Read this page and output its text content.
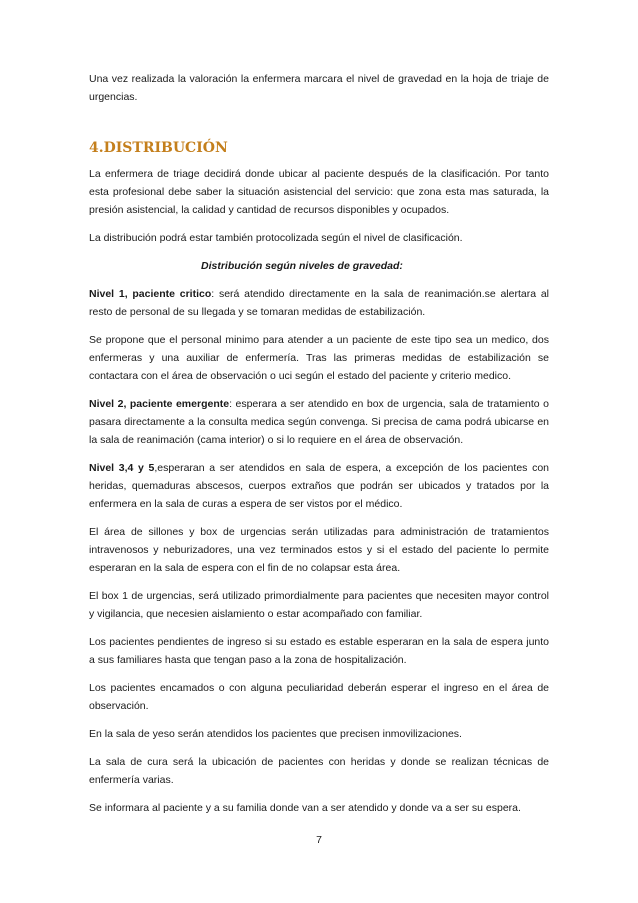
Una vez realizada la valoración la enfermera marcara el nivel de gravedad en la hoja de triaje de urgencias.

4.DISTRIBUCIÓN

La enfermera de triage decidirá donde ubicar al paciente después de la clasificación. Por tanto esta profesional debe saber la situación asistencial del servicio: que zona esta mas saturada, la presión asistencial, la calidad y cantidad de recursos disponibles y ocupados.

La distribución podrá estar también protocolizada según el nivel de clasificación.

Distribución según niveles de gravedad:

Nivel 1, paciente critico: será atendido directamente en la sala de reanimación.se alertara al resto de personal de su llegada y se tomaran medidas de estabilización.

Se propone que el personal minimo para atender a un paciente de este tipo sea un medico, dos enfermeras y una auxiliar de enfermería. Tras las primeras medidas de estabilización se contactara con el área de observación o uci según el estado del paciente y criterio medico.

Nivel 2, paciente emergente: esperara a ser atendido en box de urgencia, sala de tratamiento o pasara directamente a la consulta medica según convenga. Si precisa de cama podrá ubicarse en la sala de reanimación (cama interior) o si lo requiere en el área de observación.

Nivel 3,4 y 5,esperaran a ser atendidos en sala de espera, a excepción de los pacientes con heridas, quemaduras abscesos, cuerpos extraños que podrán ser ubicados y tratados por la enfermera en la sala de curas a espera de ser vistos por el médico.

El área de sillones y box de urgencias serán utilizadas para administración de tratamientos intravenosos y neburizadores, una vez terminados estos y si el estado del paciente lo permite esperaran en la sala de espera con el fin de no colapsar esta área.

El box 1 de urgencias, será utilizado primordialmente para pacientes que necesiten mayor control y vigilancia, que necesien aislamiento o estar acompañado con familiar.

Los pacientes pendientes de ingreso si su estado es estable esperaran en la sala de espera junto a sus familiares hasta que tengan paso a la zona de hospitalización.

Los pacientes encamados o con alguna peculiaridad deberán esperar el ingreso en el área de observación.

En la sala de yeso serán atendidos los pacientes que precisen inmovilizaciones.

La sala de cura será la ubicación de pacientes con heridas y donde se realizan técnicas de enfermería varias.

Se informara al paciente y a su familia donde van a ser atendido y donde va a ser su espera.

7
